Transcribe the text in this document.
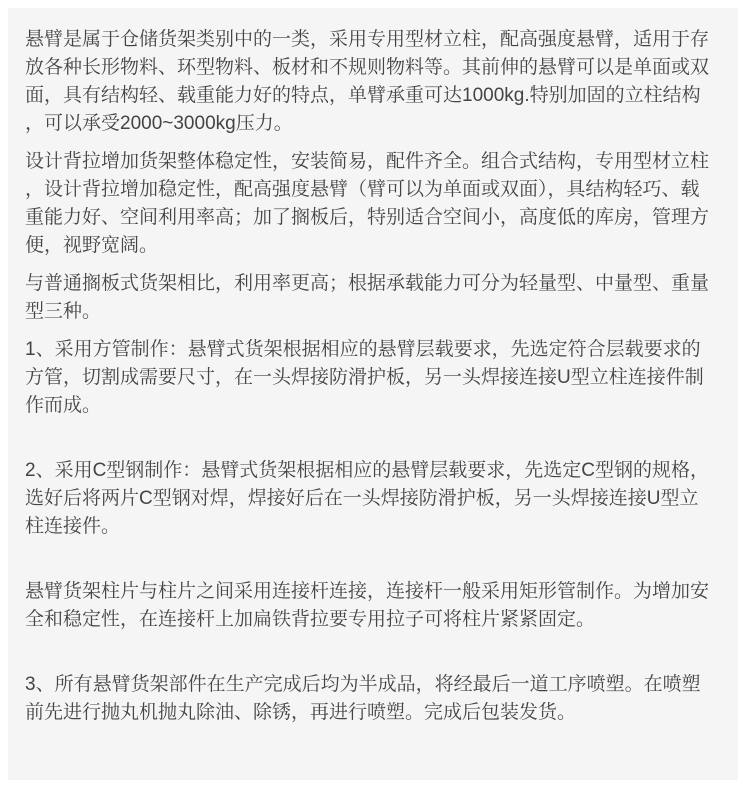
悬臂是属于仓储货架类别中的一类，采用专用型材立柱，配高强度悬臂，适用于存放各种长形物料、环型物料、板材和不规则物料等。其前伸的悬臂可以是单面或双面，具有结构轻、载重能力好的特点，单臂承重可达1000kg.特别加固的立柱结构，可以承受2000~3000kg压力。

设计背拉增加货架整体稳定性，安装简易，配件齐全。组合式结构，专用型材立柱，设计背拉增加稳定性，配高强度悬臂（臂可以为单面或双面），具结构轻巧、载重能力好、空间利用率高；加了搁板后，特别适合空间小，高度低的库房，管理方便，视野宽阔。

与普通搁板式货架相比，利用率更高；根据承载能力可分为轻量型、中量型、重量型三种。

1、采用方管制作：悬臂式货架根据相应的悬臂层载要求，先选定符合层载要求的方管，切割成需要尺寸，在一头焊接防滑护板，另一头焊接连接U型立柱连接件制作而成。

2、采用C型钢制作：悬臂式货架根据相应的悬臂层载要求，先选定C型钢的规格，选好后将两片C型钢对焊，焊接好后在一头焊接防滑护板，另一头焊接连接U型立柱连接件。

悬臂货架柱片与柱片之间采用连接杆连接，连接杆一般采用矩形管制作。为增加安全和稳定性，在连接杆上加扁铁背拉要专用拉子可将柱片紧紧固定。

3、所有悬臂货架部件在生产完成后均为半成品，将经最后一道工序喷塑。在喷塑前先进行抛丸机抛丸除油、除锈，再进行喷塑。完成后包装发货。
